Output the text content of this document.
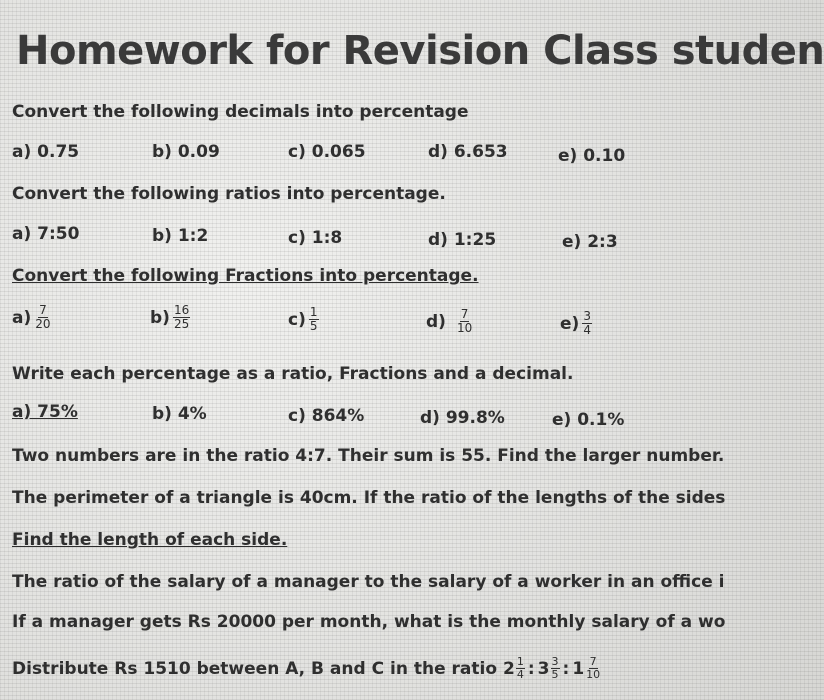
Homework for Revision Class studen
Convert the following decimals into percentage
a) 0.75	b) 0.09	c) 0.065	d) 6.653	e) 0.10
Convert the following ratios into percentage.
a) 7:50	b) 1:2	c) 1:8	d) 1:25	e) 2:3
Convert the following Fractions into percentage.
$a) \frac{7}{20}$	$b) \frac{16}{25}$	$c) \frac{1}{5}$	$d) \frac{7}{10}$	$e) \frac{3}{4}$
Write each percentage as a ratio, Fractions and a decimal.
a) 75%	b) 4%	c) 864%	d) 99.8%	e) 0.1%
Two numbers are in the ratio 4:7. Their sum is 55. Find the larger number.
The perimeter of a triangle is 40cm. If the ratio of the lengths of the sides
Find the length of each side.
The ratio of the salary of a manager to the salary of a worker in an office i
If a manager gets Rs 20000 per month, what is the monthly salary of a wo
Distribute Rs 1510 between A, B and C in the ratio $2 \frac{1}{4}$ : $3 \frac{3}{5}$ : $1 \frac{7}{10}$
